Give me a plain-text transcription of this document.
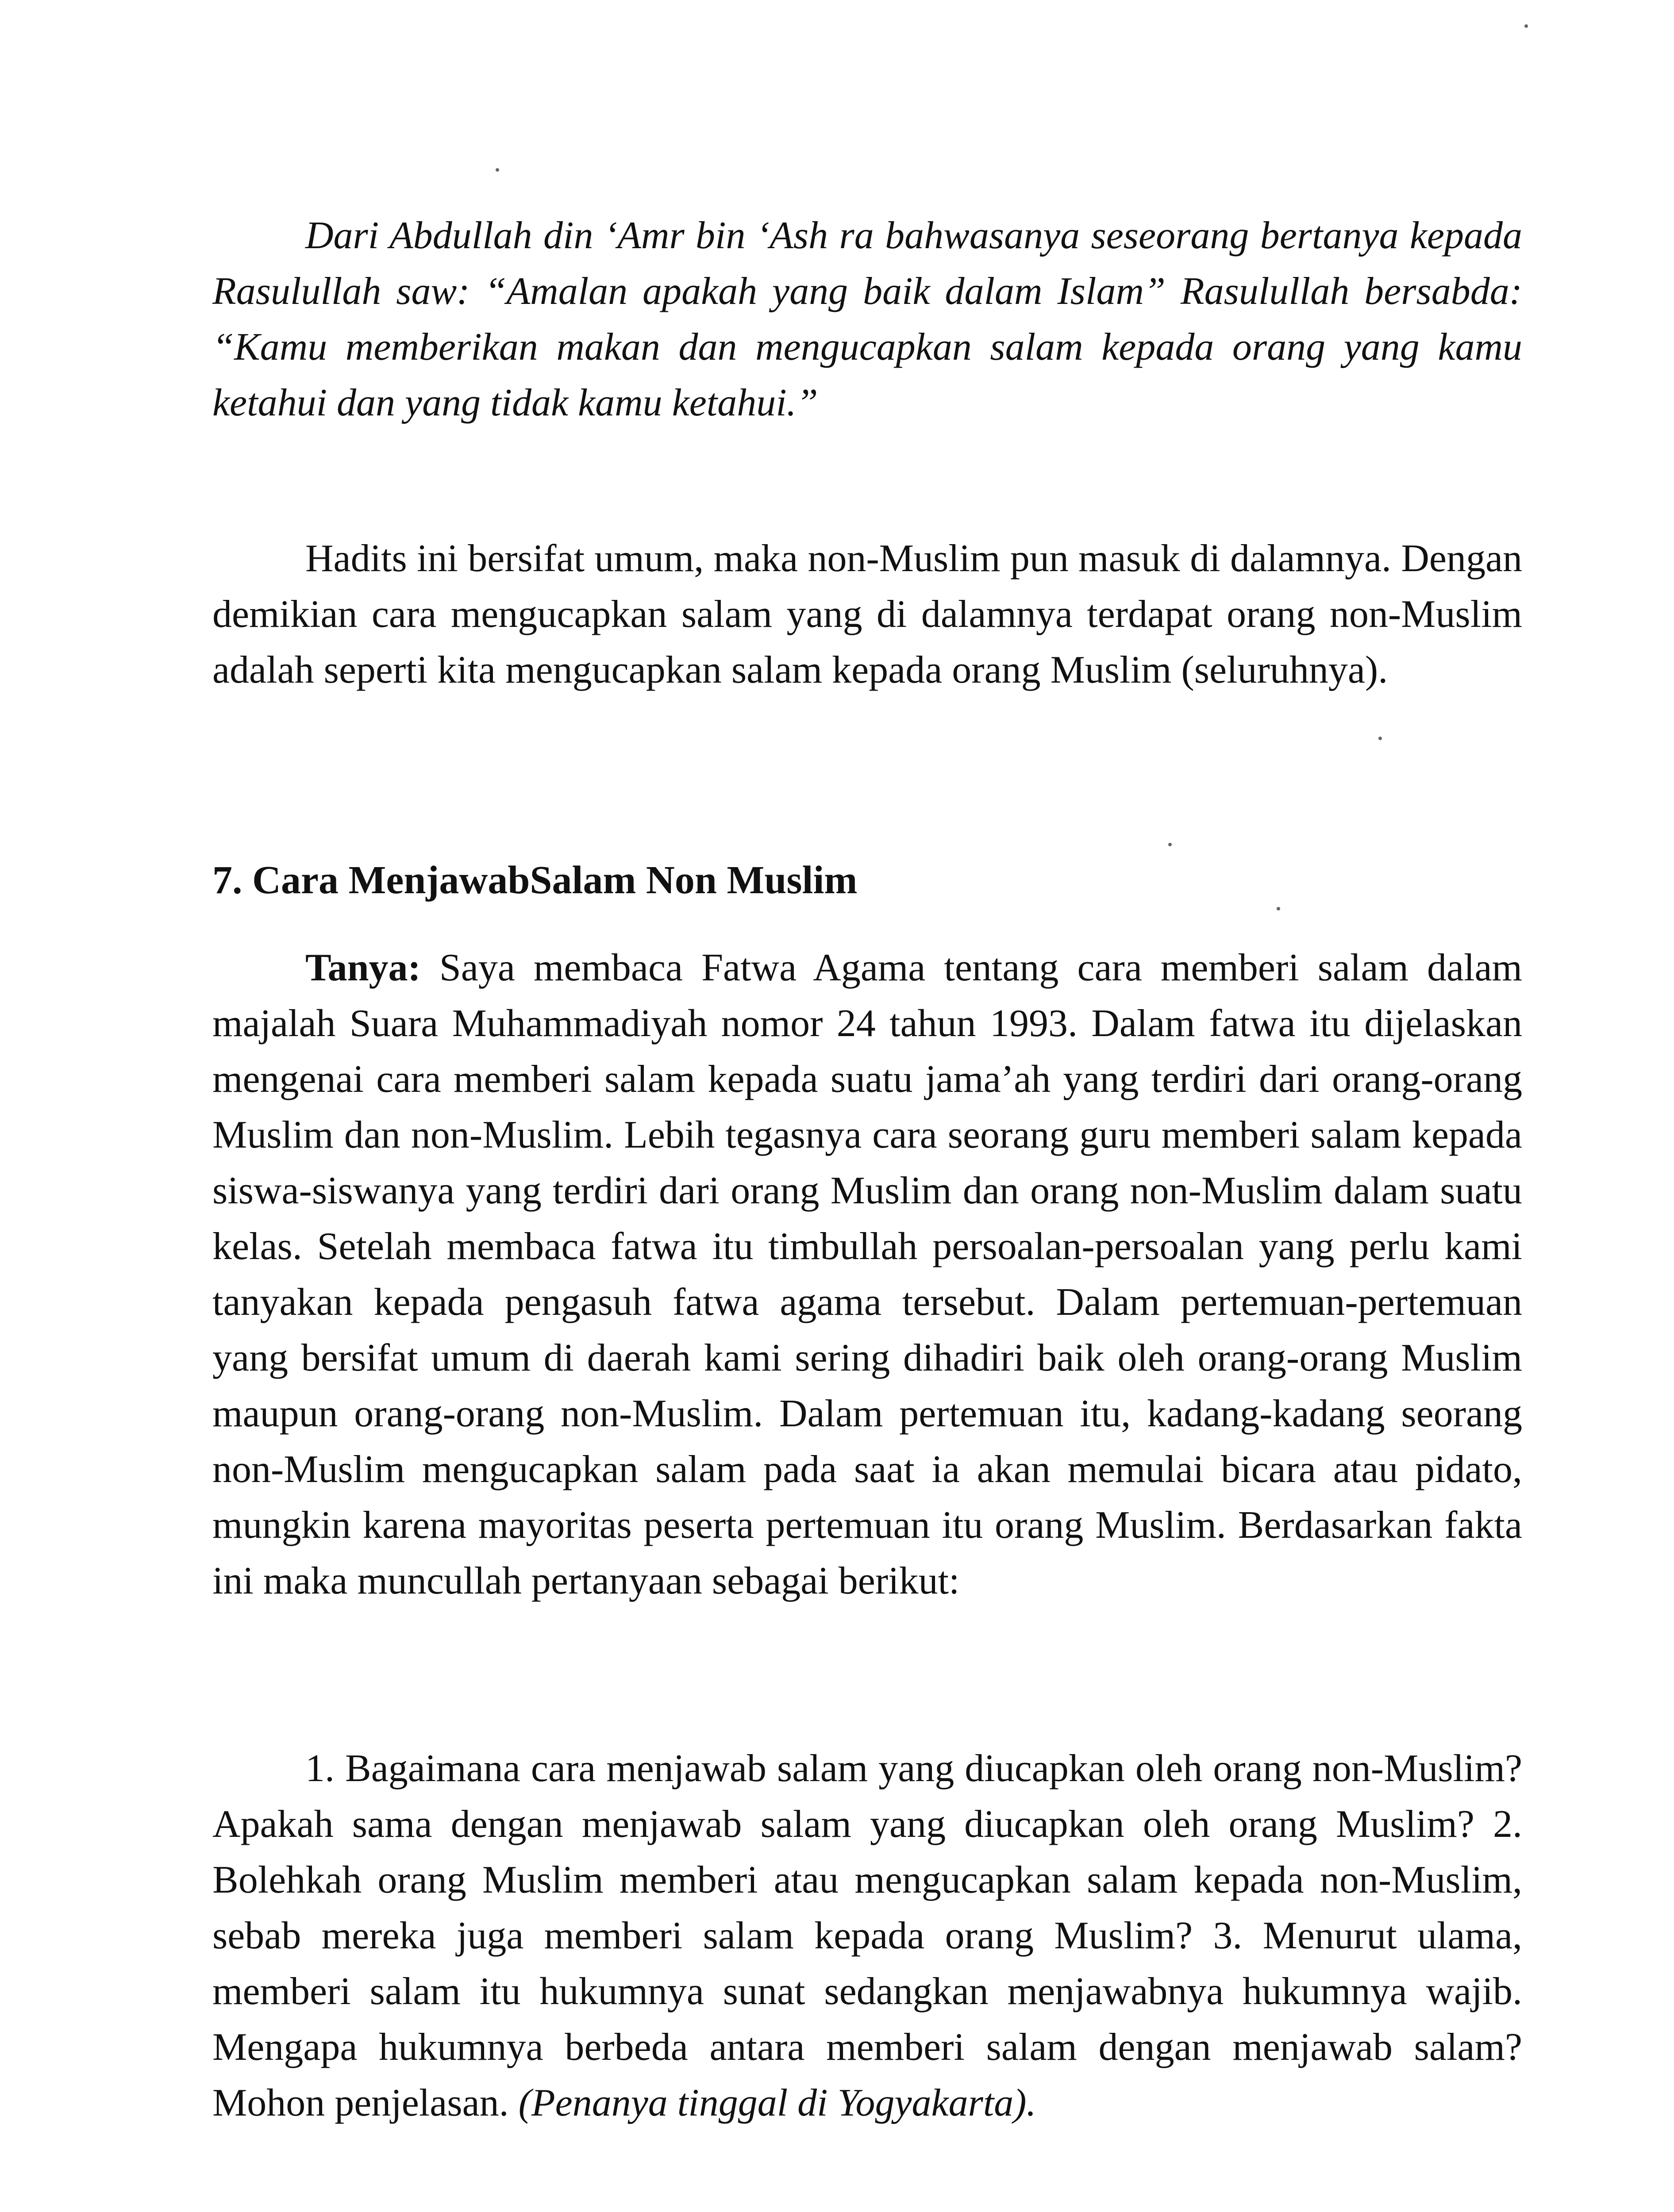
Dari Abdullah din ‘Amr bin ‘Ash ra bahwasanya seseorang bertanya kepada Rasulullah saw: “Amalan apakah yang baik dalam Islam” Rasulullah bersabda: “Kamu memberikan makan dan mengucapkan salam kepada orang yang kamu ketahui dan yang tidak kamu ketahui.”

Hadits ini bersifat umum, maka non-Muslim pun masuk di dalamnya. Dengan demikian cara mengucapkan salam yang di dalamnya terdapat orang non-Muslim adalah seperti kita mengucapkan salam kepada orang Muslim (seluruhnya).

7. Cara MenjawabSalam Non Muslim

Tanya: Saya membaca Fatwa Agama tentang cara memberi salam dalam majalah Suara Muhammadiyah nomor 24 tahun 1993. Dalam fatwa itu dijelaskan mengenai cara memberi salam kepada suatu jama’ah yang terdiri dari orang-orang Muslim dan non-Muslim. Lebih tegasnya cara seorang guru memberi salam kepada siswa-siswanya yang terdiri dari orang Muslim dan orang non-Muslim dalam suatu kelas. Setelah membaca fatwa itu timbullah persoalan-persoalan yang perlu kami tanyakan kepada pengasuh fatwa agama tersebut. Dalam pertemuan-pertemuan yang bersifat umum di daerah kami sering dihadiri baik oleh orang-orang Muslim maupun orang-orang non-Muslim. Dalam pertemuan itu, kadang-kadang seorang non-Muslim mengucapkan salam pada saat ia akan memulai bicara atau pidato, mungkin karena mayoritas peserta pertemuan itu orang Muslim. Berdasarkan fakta ini maka muncullah pertanyaan sebagai berikut:

1. Bagaimana cara menjawab salam yang diucapkan oleh orang non-Muslim? Apakah sama dengan menjawab salam yang diucapkan oleh orang Muslim? 2. Bolehkah orang Muslim memberi atau mengucapkan salam kepada non-Muslim, sebab mereka juga memberi salam kepada orang Muslim? 3. Menurut ulama, memberi salam itu hukumnya sunat sedangkan menjawabnya hukumnya wajib. Mengapa hukumnya berbeda antara memberi salam dengan menjawab salam? Mohon penjelasan. (Penanya tinggal di Yogyakarta).
